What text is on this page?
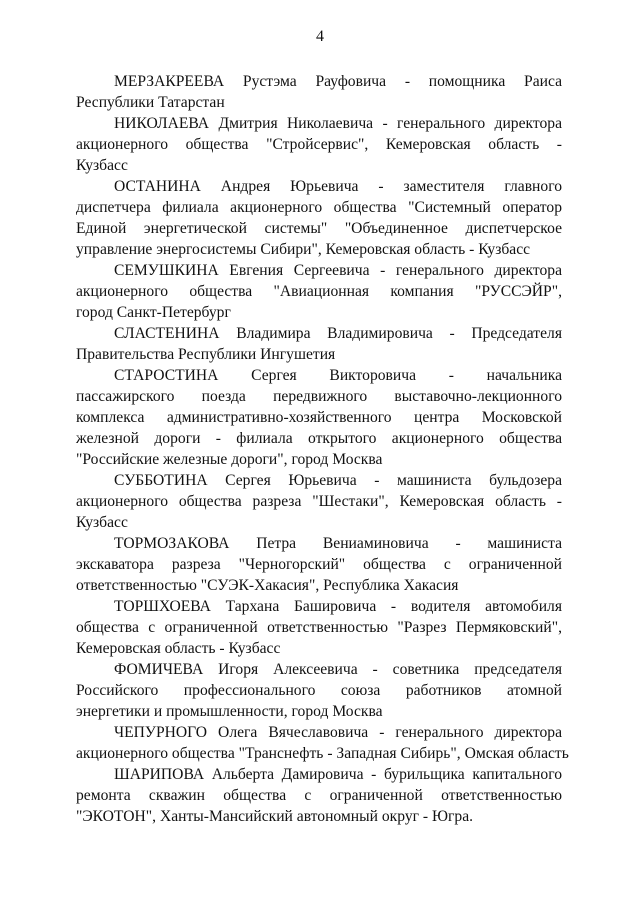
4

МЕРЗАКРЕЕВА Рустэма Рауфовича - помощника Раиса
Республики Татарстан

НИКОЛАЕВА Дмитрия Николаевича - генерального директора
акционерного общества "Стройсервис", Кемеровская область -
Кузбасс

ОСТАНИНА Андрея Юрьевича - заместителя главного
диспетчера филиала акционерного общества "Системный оператор
Единой энергетической системы" "Объединенное диспетчерское
управление энергосистемы Сибири", Кемеровская область - Кузбасс

СЕМУШКИНА Евгения Сергеевича - генерального директора
акционерного общества "Авиационная компания "РУССЭЙР",
город Санкт-Петербург

СЛАСТЕНИНА Владимира Владимировича - Председателя
Правительства Республики Ингушетия

СТАРОСТИНА Сергея Викторовича - начальника
пассажирского поезда передвижного выставочно-лекционного
комплекса административно-хозяйственного центра Московской
железной дороги - филиала открытого акционерного общества
"Российские железные дороги", город Москва

СУББОТИНА Сергея Юрьевича - машиниста бульдозера
акционерного общества разреза "Шестаки", Кемеровская область -
Кузбасс

ТОРМОЗАКОВА Петра Вениаминовича - машиниста
экскаватора разреза "Черногорский" общества с ограниченной
ответственностью "СУЭК-Хакасия", Республика Хакасия

ТОРШХОЕВА Тархана Башировича - водителя автомобиля
общества с ограниченной ответственностью "Разрез Пермяковский",
Кемеровская область - Кузбасс

ФОМИЧЕВА Игоря Алексеевича - советника председателя
Российского профессионального союза работников атомной
энергетики и промышленности, город Москва

ЧЕПУРНОГО Олега Вячеславовича - генерального директора
акционерного общества "Транснефть - Западная Сибирь", Омская область

ШАРИПОВА Альберта Дамировича - бурильщика капитального
ремонта скважин общества с ограниченной ответственностью
"ЭКОТОН", Ханты-Мансийский автономный округ - Югра.
